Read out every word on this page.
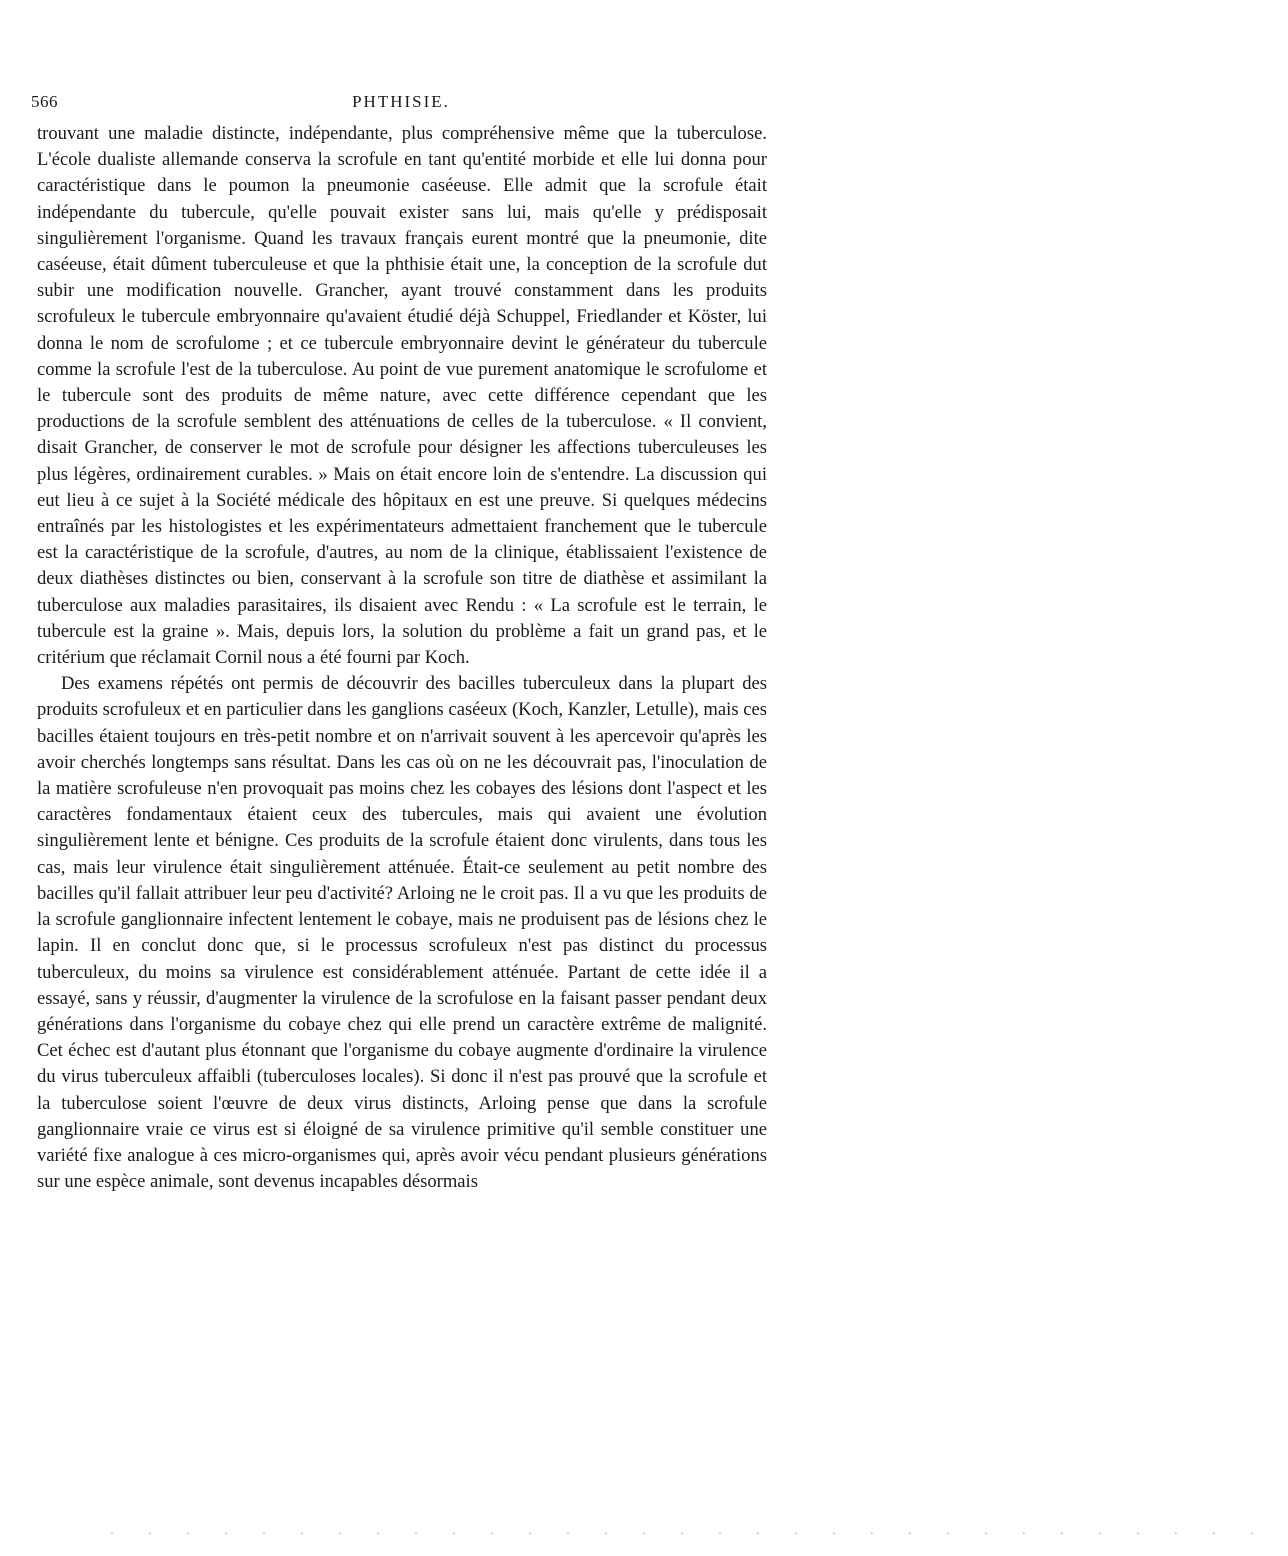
566	PHTHISIE.

trouvant une maladie distincte, indépendante, plus compréhensive même que la tuberculose. L'école dualiste allemande conserva la scrofule en tant qu'entité morbide et elle lui donna pour caractéristique dans le poumon la pneumonie caséeuse. Elle admit que la scrofule était indépendante du tubercule, qu'elle pouvait exister sans lui, mais qu'elle y prédisposait singulièrement l'organisme. Quand les travaux français eurent montré que la pneumonie, dite caséeuse, était dûment tuberculeuse et que la phthisie était une, la conception de la scrofule dut subir une modification nouvelle. Grancher, ayant trouvé constamment dans les produits scrofuleux le tubercule embryonnaire qu'avaient étudié déjà Schuppel, Friedlander et Köster, lui donna le nom de scrofulome ; et ce tubercule embryonnaire devint le générateur du tubercule comme la scrofule l'est de la tuberculose. Au point de vue purement anatomique le scrofulome et le tubercule sont des produits de même nature, avec cette différence cependant que les productions de la scrofule semblent des atténuations de celles de la tuberculose. « Il convient, disait Grancher, de conserver le mot de scrofule pour désigner les affections tuberculeuses les plus légères, ordinairement curables. » Mais on était encore loin de s'entendre. La discussion qui eut lieu à ce sujet à la Société médicale des hôpitaux en est une preuve. Si quelques médecins entraînés par les histologistes et les expérimentateurs admettaient franchement que le tubercule est la caractéristique de la scrofule, d'autres, au nom de la clinique, établissaient l'existence de deux diathèses distinctes ou bien, conservant à la scrofule son titre de diathèse et assimilant la tuberculose aux maladies parasitaires, ils disaient avec Rendu : « La scrofule est le terrain, le tubercule est la graine ». Mais, depuis lors, la solution du problème a fait un grand pas, et le critérium que réclamait Cornil nous a été fourni par Koch.

Des examens répétés ont permis de découvrir des bacilles tuberculeux dans la plupart des produits scrofuleux et en particulier dans les ganglions caséeux (Koch, Kanzler, Letulle), mais ces bacilles étaient toujours en très-petit nombre et on n'arrivait souvent à les apercevoir qu'après les avoir cherchés longtemps sans résultat. Dans les cas où on ne les découvrait pas, l'inoculation de la matière scrofuleuse n'en provoquait pas moins chez les cobayes des lésions dont l'aspect et les caractères fondamentaux étaient ceux des tubercules, mais qui avaient une évolution singulièrement lente et bénigne. Ces produits de la scrofule étaient donc virulents, dans tous les cas, mais leur virulence était singulièrement atténuée. Était-ce seulement au petit nombre des bacilles qu'il fallait attribuer leur peu d'activité? Arloing ne le croit pas. Il a vu que les produits de la scrofule ganglionnaire infectent lentement le cobaye, mais ne produisent pas de lésions chez le lapin. Il en conclut donc que, si le processus scrofuleux n'est pas distinct du processus tuberculeux, du moins sa virulence est considérablement atténuée. Partant de cette idée il a essayé, sans y réussir, d'augmenter la virulence de la scrofulose en la faisant passer pendant deux générations dans l'organisme du cobaye chez qui elle prend un caractère extrême de malignité. Cet échec est d'autant plus étonnant que l'organisme du cobaye augmente d'ordinaire la virulence du virus tuberculeux affaibli (tuberculoses locales). Si donc il n'est pas prouvé que la scrofule et la tuberculose soient l'œuvre de deux virus distincts, Arloing pense que dans la scrofule ganglionnaire vraie ce virus est si éloigné de sa virulence primitive qu'il semble constituer une variété fixe analogue à ces micro-organismes qui, après avoir vécu pendant plusieurs générations sur une espèce animale, sont devenus incapables désormais

·······························
